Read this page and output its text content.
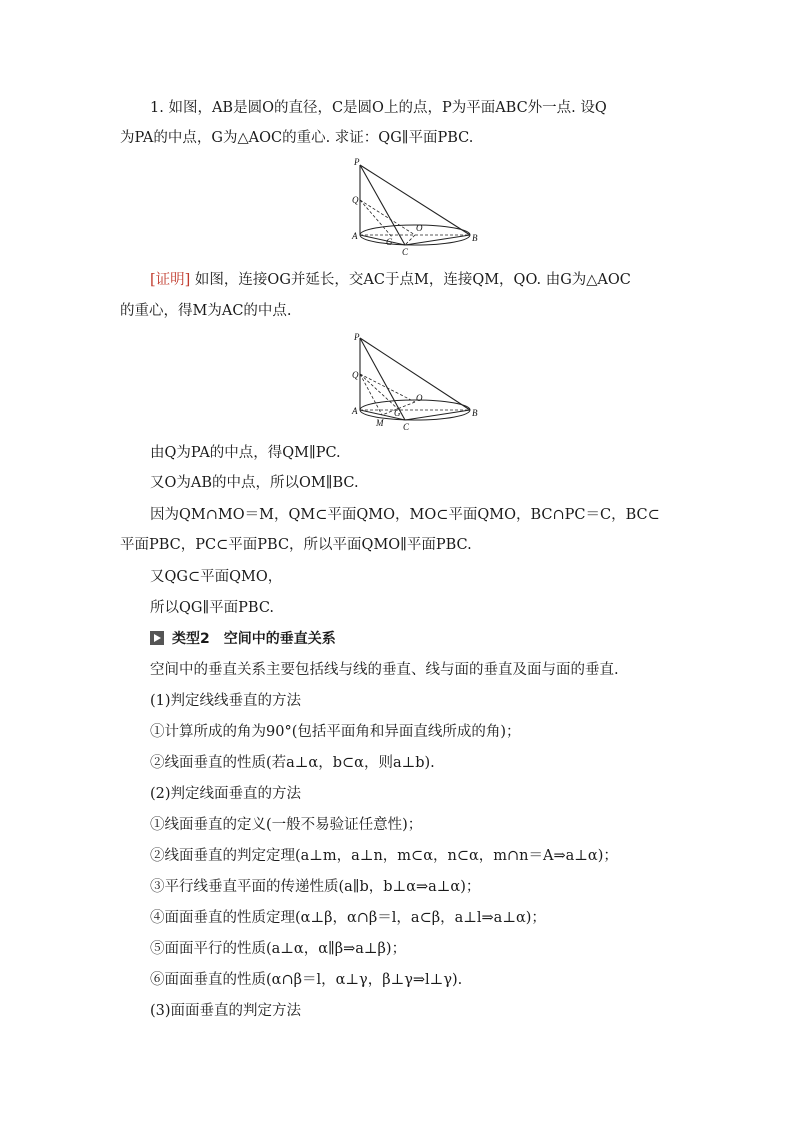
1. 如图，AB是圆O的直径，C是圆O上的点，P为平面ABC外一点. 设Q
为PA的中点，G为△AOC的重心. 求证：QG∥平面PBC.
P
Q
A
G
C
O
B
[证明] 如图，连接OG并延长，交AC于点M，连接QM，QO. 由G为△AOC
的重心，得M为AC的中点.
P
Q
A
M
G
C
O
B
由Q为PA的中点，得QM∥PC.
又O为AB的中点，所以OM∥BC.
因为QM∩MO＝M，QM⊂平面QMO，MO⊂平面QMO，BC∩PC＝C，BC⊂
平面PBC，PC⊂平面PBC，所以平面QMO∥平面PBC.
又QG⊂平面QMO，
所以QG∥平面PBC.
类型2　空间中的垂直关系
空间中的垂直关系主要包括线与线的垂直、线与面的垂直及面与面的垂直.
(1)判定线线垂直的方法
①计算所成的角为90°(包括平面角和异面直线所成的角)；
②线面垂直的性质(若a⊥α，b⊂α，则a⊥b).
(2)判定线面垂直的方法
①线面垂直的定义(一般不易验证任意性)；
②线面垂直的判定定理(a⊥m，a⊥n，m⊂α，n⊂α，m∩n＝A⇒a⊥α)；
③平行线垂直平面的传递性质(a∥b，b⊥α⇒a⊥α)；
④面面垂直的性质定理(α⊥β，α∩β＝l，a⊂β，a⊥l⇒a⊥α)；
⑤面面平行的性质(a⊥α，α∥β⇒a⊥β)；
⑥面面垂直的性质(α∩β＝l，α⊥γ，β⊥γ⇒l⊥γ).
(3)面面垂直的判定方法
